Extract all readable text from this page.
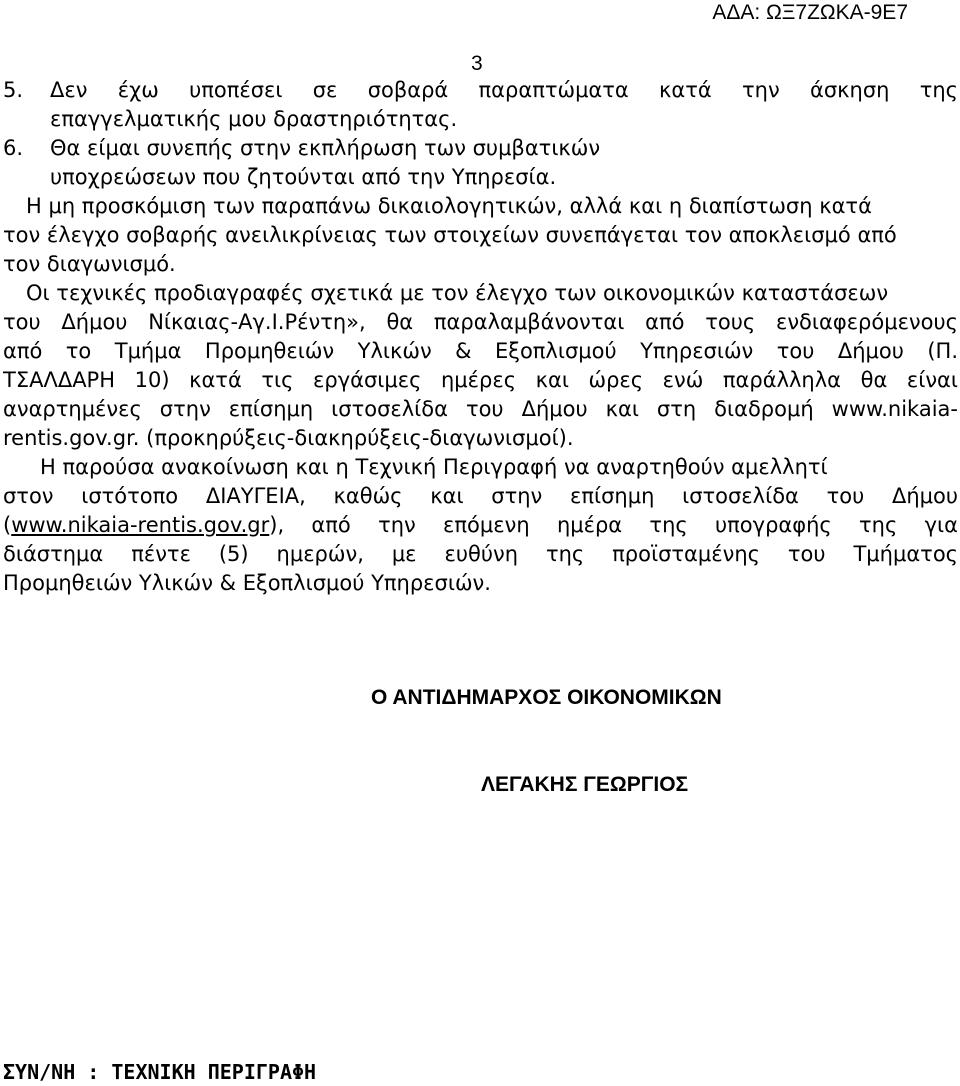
ΑΔΑ: ΩΞ7ΖΩΚΑ-9Ε7
3
5. Δεν έχω υποπέσει σε σοβαρά παραπτώματα κατά την άσκηση της
επαγγελματικής μου δραστηριότητας.
6. Θα είμαι συνεπής στην εκπλήρωση των συμβατικών
υποχρεώσεων που ζητούνται από την Υπηρεσία.
Η μη προσκόμιση των παραπάνω δικαιολογητικών, αλλά και η διαπίστωση κατά
τον έλεγχο σοβαρής ανειλικρίνειας των στοιχείων συνεπάγεται τον αποκλεισμό από
τον διαγωνισμό.
Οι τεχνικές προδιαγραφές σχετικά με τον έλεγχο των οικονομικών καταστάσεων
του Δήμου Νίκαιας-Αγ.Ι.Ρέντη», θα παραλαμβάνονται από τους ενδιαφερόμενους
από το Τμήμα Προμηθειών Υλικών & Εξοπλισμού Υπηρεσιών του Δήμου (Π.
ΤΣΑΛΔΑΡΗ 10) κατά τις εργάσιμες ημέρες και ώρες ενώ παράλληλα θα είναι
αναρτημένες στην επίσημη ιστοσελίδα του Δήμου και στη διαδρομή www.nikaia-
rentis.gov.gr. (προκηρύξεις-διακηρύξεις-διαγωνισμοί).
Η παρούσα ανακοίνωση και η Τεχνική Περιγραφή να αναρτηθούν αμελλητί
στον ιστότοπο ΔΙΑΥΓΕΙΑ, καθώς και στην επίσημη ιστοσελίδα του Δήμου
(www.nikaia-rentis.gov.gr), από την επόμενη ημέρα της υπογραφής της για
διάστημα πέντε (5) ημερών, με ευθύνη της προϊσταμένης του Τμήματος
Προμηθειών Υλικών & Εξοπλισμού Υπηρεσιών.
Ο ΑΝΤΙΔΗΜΑΡΧΟΣ ΟΙΚΟΝΟΜΙΚΩΝ
ΛΕΓΑΚΗΣ ΓΕΩΡΓΙΟΣ
ΣΥΝ/ΝΗ : ΤΕΧΝΙΚΗ ΠΕΡΙΓΡΑΦΗ
